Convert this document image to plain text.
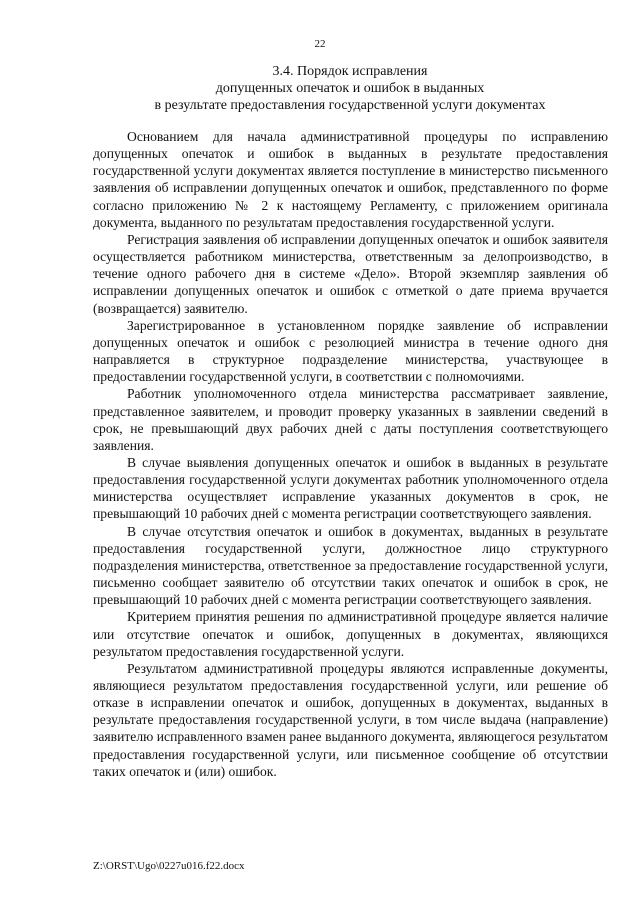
22
3.4. Порядок исправления
допущенных опечаток и ошибок в выданных
в результате предоставления государственной услуги документах

Основанием для начала административной процедуры по исправлению допущенных опечаток и ошибок в выданных в результате предоставления государственной услуги документах является поступление в министерство письменного заявления об исправлении допущенных опечаток и ошибок, представленного по форме согласно приложению № 2 к настоящему Регламенту, с приложением оригинала документа, выданного по результатам предоставления государственной услуги.

Регистрация заявления об исправлении допущенных опечаток и ошибок заявителя осуществляется работником министерства, ответственным за делопроизводство, в течение одного рабочего дня в системе «Дело». Второй экземпляр заявления об исправлении допущенных опечаток и ошибок с отметкой о дате приема вручается (возвращается) заявителю.

Зарегистрированное в установленном порядке заявление об исправлении допущенных опечаток и ошибок с резолюцией министра в течение одного дня направляется в структурное подразделение министерства, участвующее в предоставлении государственной услуги, в соответствии с полномочиями.

Работник уполномоченного отдела министерства рассматривает заявление, представленное заявителем, и проводит проверку указанных в заявлении сведений в срок, не превышающий двух рабочих дней с даты поступления соответствующего заявления.

В случае выявления допущенных опечаток и ошибок в выданных в результате предоставления государственной услуги документах работник уполномоченного отдела министерства осуществляет исправление указанных документов в срок, не превышающий 10 рабочих дней с момента регистрации соответствующего заявления.

В случае отсутствия опечаток и ошибок в документах, выданных в результате предоставления государственной услуги, должностное лицо структурного подразделения министерства, ответственное за предоставление государственной услуги, письменно сообщает заявителю об отсутствии таких опечаток и ошибок в срок, не превышающий 10 рабочих дней с момента регистрации соответствующего заявления.

Критерием принятия решения по административной процедуре является наличие или отсутствие опечаток и ошибок, допущенных в документах, являющихся результатом предоставления государственной услуги.

Результатом административной процедуры являются исправленные документы, являющиеся результатом предоставления государственной услуги, или решение об отказе в исправлении опечаток и ошибок, допущенных в документах, выданных в результате предоставления государственной услуги, в том числе выдача (направление) заявителю исправленного взамен ранее выданного документа, являющегося результатом предоставления государственной услуги, или письменное сообщение об отсутствии таких опечаток и (или) ошибок.

Z:\ORST\Ugo\0227u016.f22.docx
